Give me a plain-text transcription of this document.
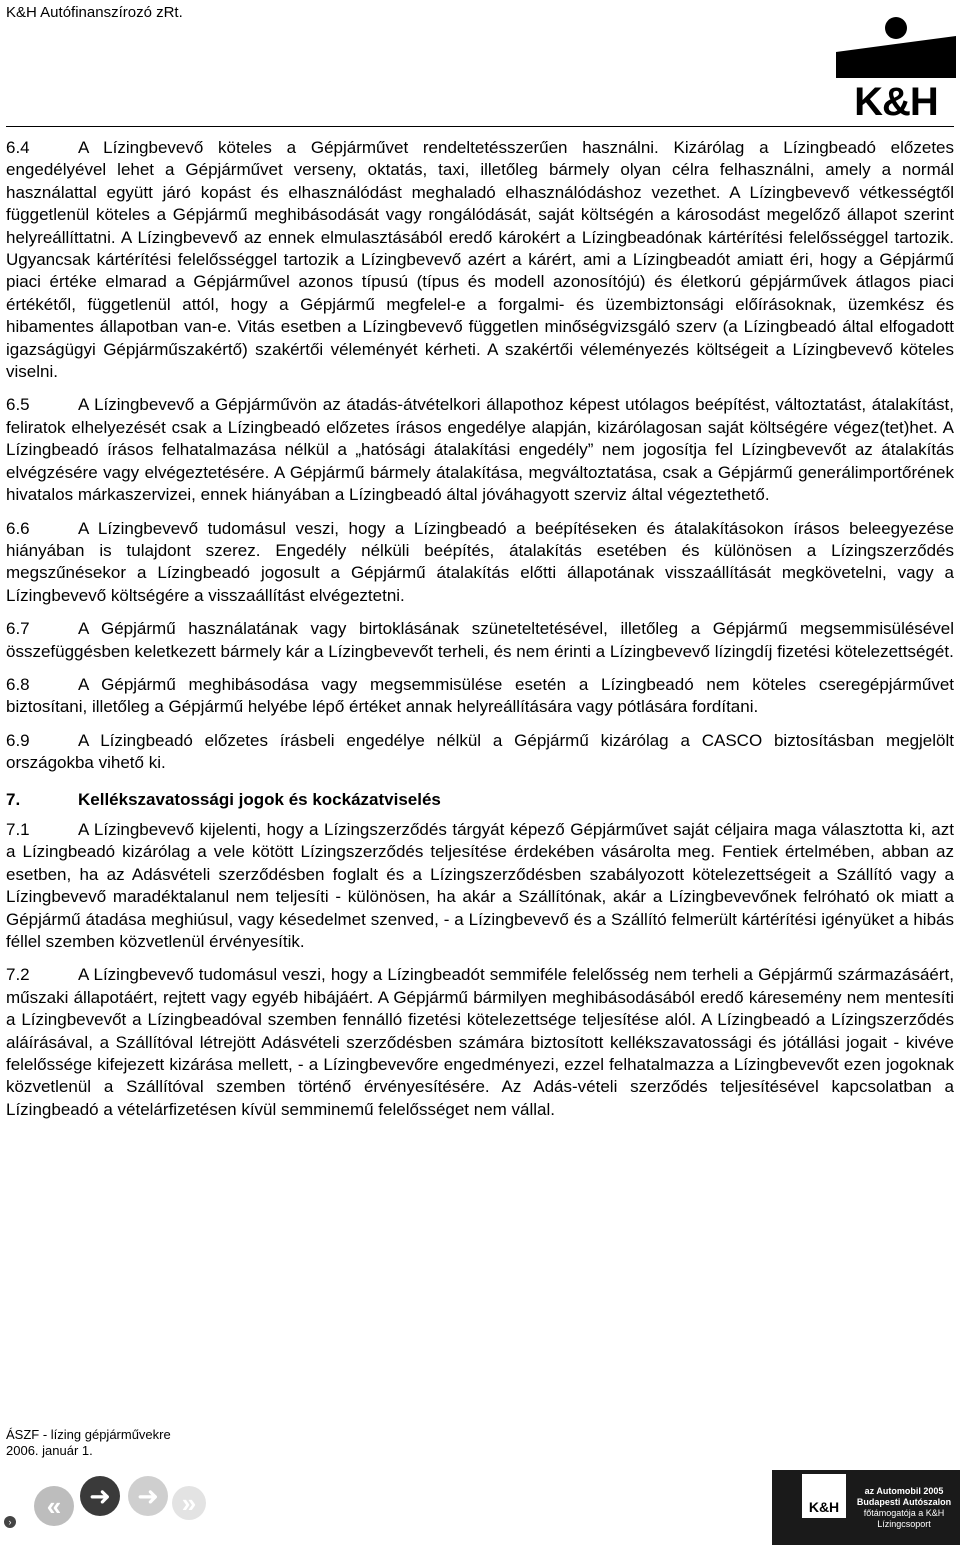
K&H Autófinanszírozó zRt.
K&H

6.4	A Lízingbevevő köteles a Gépjárművet rendeltetésszerűen használni. Kizárólag a Lízingbeadó előzetes engedélyével lehet a Gépjárművet verseny, oktatás, taxi, illetőleg bármely olyan célra felhasználni, amely a normál használattal együtt járó kopást és elhasználódást meghaladó elhasználódáshoz vezethet. A Lízingbevevő vétkességtől függetlenül köteles a Gépjármű meghibásodását vagy rongálódását, saját költségén a károsodást megelőző állapot szerint helyreállíttatni. A Lízingbevevő az ennek elmulasztásából eredő károkért a Lízingbeadónak kártérítési felelősséggel tartozik. Ugyancsak kártérítési felelősséggel tartozik a Lízingbevevő azért a kárért, ami a Lízingbeadót amiatt éri, hogy a Gépjármű piaci értéke elmarad a Gépjárművel azonos típusú (típus és modell azonosítójú) és életkorú gépjárművek átlagos piaci értékétől, függetlenül attól, hogy a Gépjármű megfelel-e a forgalmi- és üzembiztonsági előírásoknak, üzemkész és hibamentes állapotban van-e. Vitás esetben a Lízingbevevő független minőségvizsgáló szerv (a Lízingbeadó által elfogadott igazságügyi Gépjárműszakértő) szakértői véleményét kérheti. A szakértői véleményezés költségeit a Lízingbevevő köteles viselni.

6.5	A Lízingbevevő a Gépjárművön az átadás-átvételkori állapothoz képest utólagos beépítést, változtatást, átalakítást, feliratok elhelyezését csak a Lízingbeadó előzetes írásos engedélye alapján, kizárólagosan saját költségére végez(tet)het. A Lízingbeadó írásos felhatalmazása nélkül a „hatósági átalakítási engedély” nem jogosítja fel Lízingbevevőt az átalakítás elvégzésére vagy elvégeztetésére. A Gépjármű bármely átalakítása, megváltoztatása, csak a Gépjármű generálimportőrének hivatalos márkaszervizei, ennek hiányában a Lízingbeadó által jóváhagyott szerviz által végeztethető.

6.6	A Lízingbevevő tudomásul veszi, hogy a Lízingbeadó a beépítéseken és átalakításokon írásos beleegyezése hiányában is tulajdont szerez. Engedély nélküli beépítés, átalakítás esetében és különösen a Lízingszerződés megszűnésekor a Lízingbeadó jogosult a Gépjármű átalakítás előtti állapotának visszaállítását megkövetelni, vagy a Lízingbevevő költségére a visszaállítást elvégeztetni.

6.7	A Gépjármű használatának vagy birtoklásának szüneteltetésével, illetőleg a Gépjármű megsemmisülésével összefüggésben keletkezett bármely kár a Lízingbevevőt terheli, és nem érinti a Lízingbevevő lízingdíj fizetési kötelezettségét.

6.8	A Gépjármű meghibásodása vagy megsemmisülése esetén a Lízingbeadó nem köteles cseregépjárművet biztosítani, illetőleg a Gépjármű helyébe lépő értéket annak helyreállítására vagy pótlására fordítani.

6.9	A Lízingbeadó előzetes írásbeli engedélye nélkül a Gépjármű kizárólag a CASCO biztosításban megjelölt országokba vihető ki.

7.	Kellékszavatossági jogok és kockázatviselés

7.1	A Lízingbevevő kijelenti, hogy a Lízingszerződés tárgyát képező Gépjárművet saját céljaira maga választotta ki, azt a Lízingbeadó kizárólag a vele kötött Lízingszerződés teljesítése érdekében vásárolta meg. Fentiek értelmében, abban az esetben, ha az Adásvételi szerződésben foglalt és a Lízingszerződésben szabályozott kötelezettségeit a Szállító vagy a Lízingbevevő maradéktalanul nem teljesíti - különösen, ha akár a Szállítónak, akár a Lízingbevevőnek felróható ok miatt a Gépjármű átadása meghiúsul, vagy késedelmet szenved, - a Lízingbevevő és a Szállító felmerült kártérítési igényüket a hibás féllel szemben közvetlenül érvényesítik.

7.2	A Lízingbevevő tudomásul veszi, hogy a Lízingbeadót semmiféle felelősség nem terheli a Gépjármű származásáért, műszaki állapotáért, rejtett vagy egyéb hibájáért. A Gépjármű bármilyen meghibásodásából eredő káresemény nem mentesíti a Lízingbevevőt a Lízingbeadóval szemben fennálló fizetési kötelezettsége teljesítése alól. A Lízingbeadó a Lízingszerződés aláírásával, a Szállítóval létrejött Adásvételi szerződésben számára biztosított kellékszavatossági és jótállási jogait - kivéve felelőssége kifejezett kizárása mellett, - a Lízingbevevőre engedményezi, ezzel felhatalmazza a Lízingbevevőt ezen jogoknak közvetlenül a Szállítóval szemben történő érvényesítésére. Az Adás-vételi szerződés teljesítésével kapcsolatban a Lízingbeadó a vételárfizetésen kívül semminemű felelősséget nem vállal.

ÁSZF - lízing gépjárművekre
2006. január 1.
›
«	➜	➜ »	K&H
az Automobil 2005
Budapesti Autószalon
főtámogatója a K&H Lízingcsoport
